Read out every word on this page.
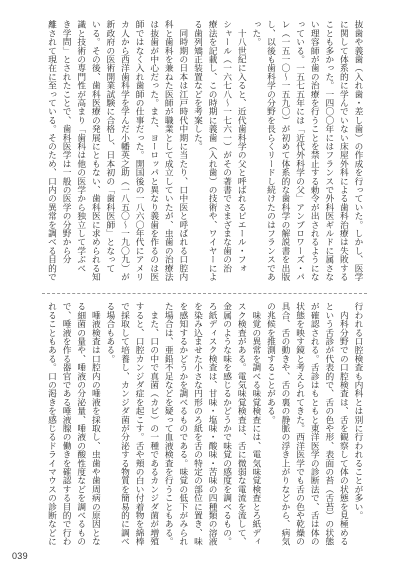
抜歯や義歯（入れ歯・差し歯）の作成を行っていた。しかし、医学
に関して体系的に学んでいない床屋外科による歯科治療は失敗する
ことも多かった。一四〇〇年にはフランスで外科医ギルドに属さな
い理容師が歯の治療を行うことを禁止する勅令が出されるようにな
っている。一五七五年には「近代外科学の父」アンブロワーズ・パ
レ（一五一〇〜一五九〇）が初めて体系的な歯科学の解説書を出版
し、以後も歯科学の分野を長らくリードし続けたのはフランスであ
った。
　十八世紀に入ると、近代歯科学の父と呼ばれるピエール・フォ
シャール（一六七八〜一七六一）がその著書でさまざまな歯の治
療法を記載し、この時期に義歯（入れ歯）の技術や、ワイヤーによ
る歯列矯正装置などを考案した。
　同時期の日本は江戸時代中期に当たり、口中医と呼ばれる口腔内
科と歯科を兼ねた医師が職業として成立していたが、虫歯の治療法
は抜歯が中心だった。また、ヨーロッパと異なり義歯を作るのは医
師ではなく入れ歯師の仕事だった。開国後の一八六〇年代にアメリ
カ人から西洋歯科学を学んだ小幡英之助（一八五〇〜一九〇九）が
新政府の医術開業試験に合格し、日本初の「歯科医師」となって
いる。その後、歯科医療の発展にともない、歯科医に求められる知
識と技術の専門性が高まり「歯科は他の医学から独立して学ぶべ
き学問」とされたことで、歯科医学は一般の医学の分野から分
離されて現在に至っている。そのため、口内の異常を調べる目的で
行われる口腔検査も内科とは別に行われることが多い。
　内科分野での口腔検査は、舌を観察して体の状態を見極める
という舌診が代表的で、舌の色や形、表面の苔（舌苔）の状態
が確認される。舌診はもともと東洋医学の診断法で、舌は体の
状態を映す鏡と考えられてきた。西洋医学でも舌の色や乾燥の
具合、舌の動きや、舌の裏の静脈の浮き上がりなどから、病気
の兆候を推測することがある。
　味覚の異常を調べる味覚検査には、電気味覚検査とろ紙ディ
スク検査がある。電気味覚検査は、舌に微弱な電流を流して、
金属のような味を感じるかどうかで味覚の感度を調べるもの。
ろ紙ディスク検査は、甘味・塩味・酸味・苦味の四種類の溶液
を染み込ませた小さな円形のろ紙を舌の特定の部位に置き、味
を感知するかどうかを調べるものである。味覚の低下がみられ
た場合は、亜鉛不足などを疑って血液検査を行うこともある。
　また、口の中で真菌（カビ）の一種であるカンジダ菌が増殖
すると、口腔カンジダ症を起こす。舌や頬の白い付着物を綿棒
で採取して培養し、カンジダ菌が分泌する物質を簡易的に調べ
る場合もある。
　唾液検査は口腔内の唾液を採取し、虫歯や歯周病の原因とな
る細菌の量や、唾液の分泌量、唾液の酸性度などを調べるもの
で、唾液を作る器官である唾液腺の働きを確認する目的で行わ
れることもある。口の渇きを感じるドライマウスの診断などに
039
